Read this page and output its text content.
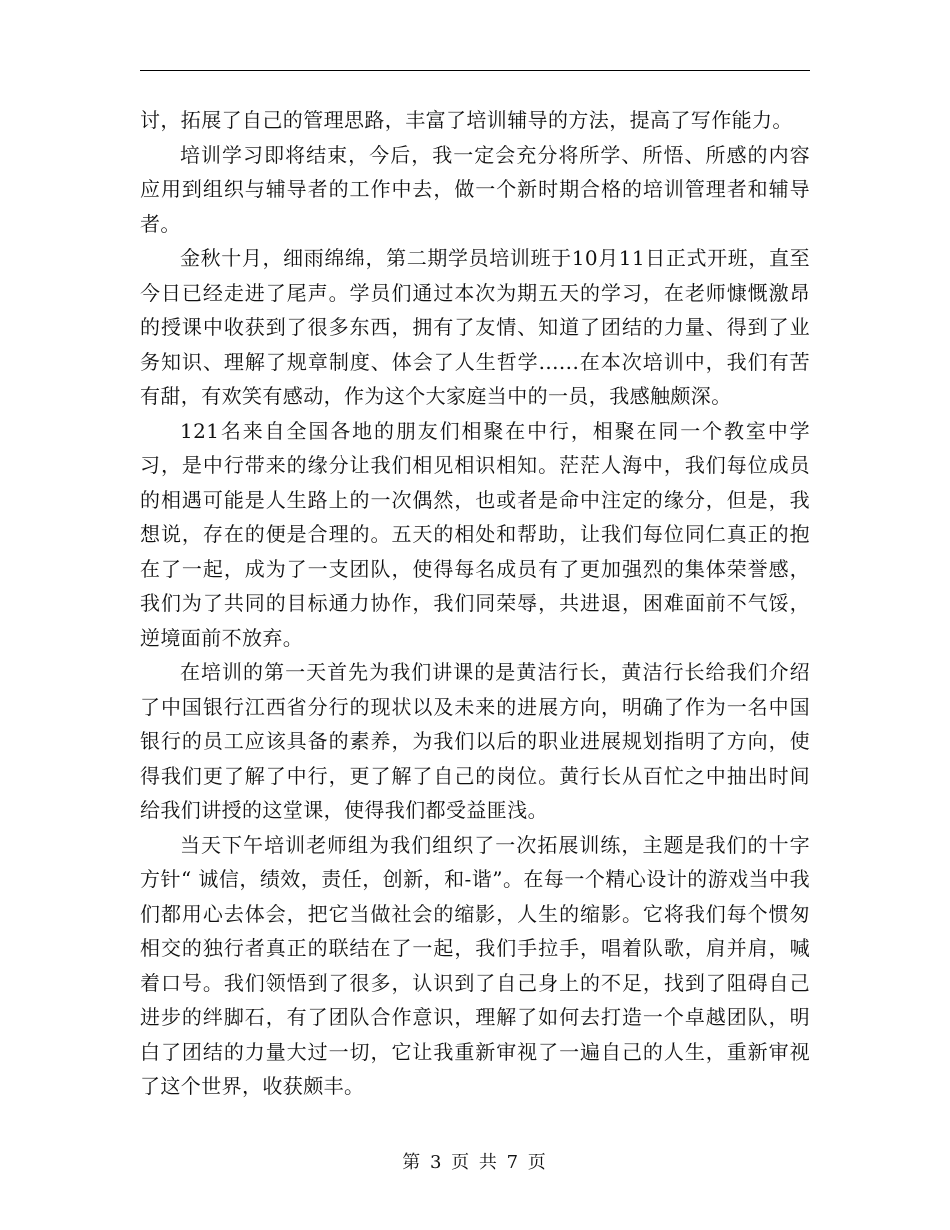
讨，拓展了自己的管理思路，丰富了培训辅导的方法，提高了写作能力。

培训学习即将结束，今后，我一定会充分将所学、所悟、所感的内容应用到组织与辅导者的工作中去，做一个新时期合格的培训管理者和辅导者。

金秋十月，细雨绵绵，第二期学员培训班于10月11日正式开班，直至今日已经走进了尾声。学员们通过本次为期五天的学习，在老师慷慨激昂的授课中收获到了很多东西，拥有了友情、知道了团结的力量、得到了业务知识、理解了规章制度、体会了人生哲学......在本次培训中，我们有苦有甜，有欢笑有感动，作为这个大家庭当中的一员，我感触颇深。

121名来自全国各地的朋友们相聚在中行，相聚在同一个教室中学习，是中行带来的缘分让我们相见相识相知。茫茫人海中，我们每位成员的相遇可能是人生路上的一次偶然，也或者是命中注定的缘分，但是，我想说，存在的便是合理的。五天的相处和帮助，让我们每位同仁真正的抱在了一起，成为了一支团队，使得每名成员有了更加强烈的集体荣誉感，我们为了共同的目标通力协作，我们同荣辱，共进退，困难面前不气馁，逆境面前不放弃。

在培训的第一天首先为我们讲课的是黄洁行长，黄洁行长给我们介绍了中国银行江西省分行的现状以及未来的进展方向，明确了作为一名中国银行的员工应该具备的素养，为我们以后的职业进展规划指明了方向，使得我们更了解了中行，更了解了自己的岗位。黄行长从百忙之中抽出时间给我们讲授的这堂课，使得我们都受益匪浅。

当天下午培训老师组为我们组织了一次拓展训练，主题是我们的十字方针“ 诚信，绩效，责任，创新，和-谐”。在每一个精心设计的游戏当中我们都用心去体会，把它当做社会的缩影，人生的缩影。它将我们每个惯匆相交的独行者真正的联结在了一起，我们手拉手，唱着队歌，肩并肩，喊着口号。我们领悟到了很多，认识到了自己身上的不足，找到了阻碍自己进步的绊脚石，有了团队合作意识，理解了如何去打造一个卓越团队，明白了团结的力量大过一切，它让我重新审视了一遍自己的人生，重新审视了这个世界，收获颇丰。

第 3 页 共 7 页
